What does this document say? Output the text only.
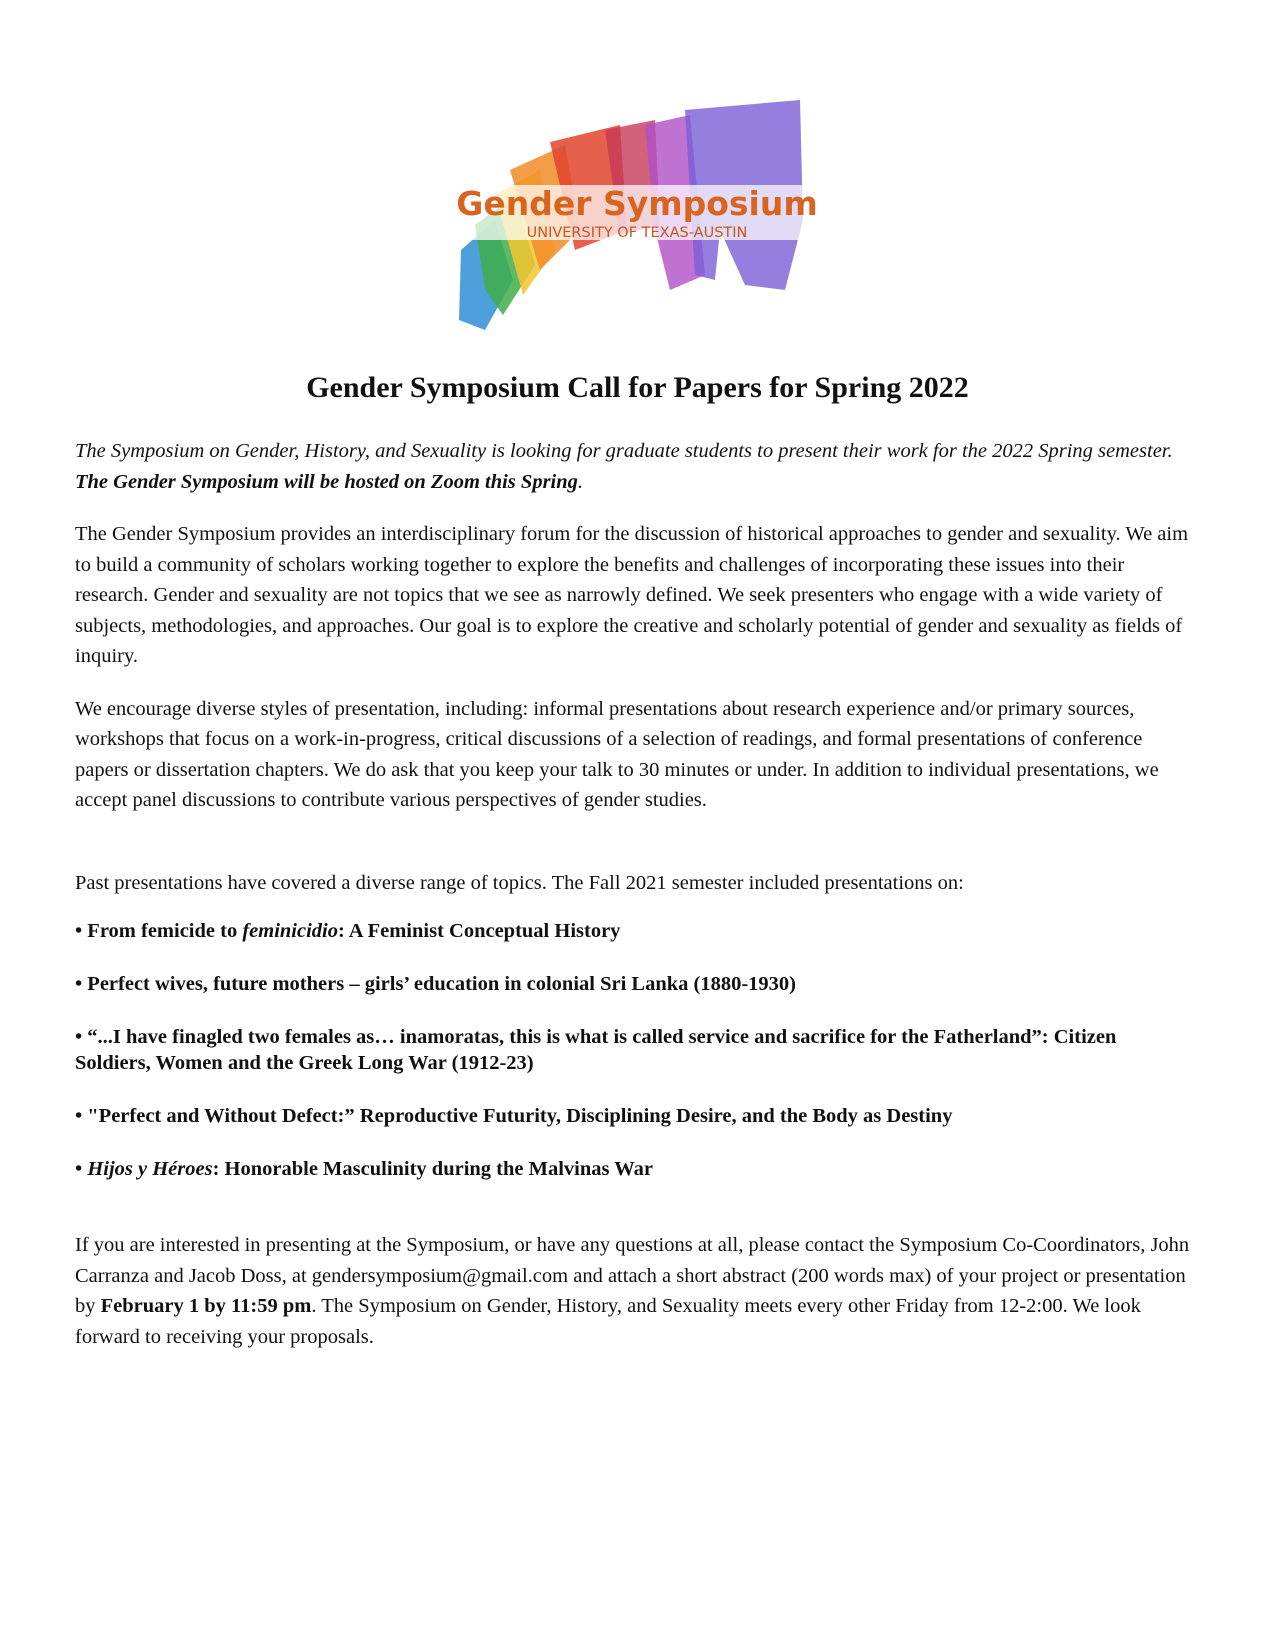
Gender Symposium
UNIVERSITY OF TEXAS-AUSTIN
Gender Symposium Call for Papers for Spring 2022

The Symposium on Gender, History, and Sexuality is looking for graduate students to present their work for the 2022 Spring semester. The Gender Symposium will be hosted on Zoom this Spring.

The Gender Symposium provides an interdisciplinary forum for the discussion of historical approaches to gender and sexuality. We aim to build a community of scholars working together to explore the benefits and challenges of incorporating these issues into their research. Gender and sexuality are not topics that we see as narrowly defined. We seek presenters who engage with a wide variety of subjects, methodologies, and approaches. Our goal is to explore the creative and scholarly potential of gender and sexuality as fields of inquiry.

We encourage diverse styles of presentation, including: informal presentations about research experience and/or primary sources, workshops that focus on a work-in-progress, critical discussions of a selection of readings, and formal presentations of conference papers or dissertation chapters. We do ask that you keep your talk to 30 minutes or under. In addition to individual presentations, we accept panel discussions to contribute various perspectives of gender studies.

Past presentations have covered a diverse range of topics. The Fall 2021 semester included presentations on:

• From femicide to feminicidio: A Feminist Conceptual History
• Perfect wives, future mothers – girls’ education in colonial Sri Lanka (1880-1930)
• “...I have finagled two females as… inamoratas, this is what is called service and sacrifice for the Fatherland”: Citizen Soldiers, Women and the Greek Long War (1912-23)
• "Perfect and Without Defect:” Reproductive Futurity, Disciplining Desire, and the Body as Destiny
• Hijos y Héroes: Honorable Masculinity during the Malvinas War

If you are interested in presenting at the Symposium, or have any questions at all, please contact the Symposium Co-Coordinators, John Carranza and Jacob Doss, at gendersymposium@gmail.com and attach a short abstract (200 words max) of your project or presentation by February 1 by 11:59 pm. The Symposium on Gender, History, and Sexuality meets every other Friday from 12-2:00. We look forward to receiving your proposals.
